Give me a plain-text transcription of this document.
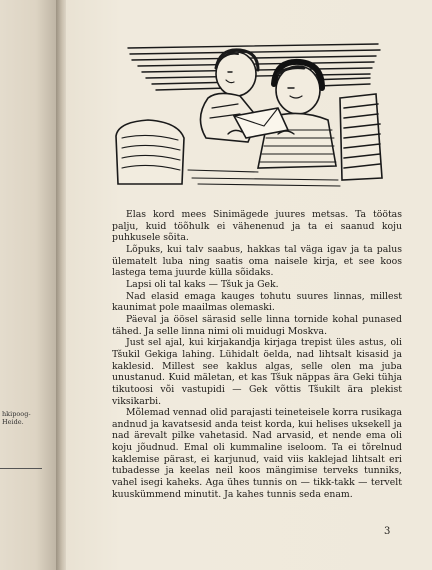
hkipoog-
Heide.

Elas kord mees Sinimägede juures metsas. Ta töötas palju, kuid töõhulk ei vähenenud ja ta ei saanud koju puhkusele sõita.

Lõpuks, kui talv saabus, hakkas tal väga igav ja ta palus ülematelt luba ning saatis oma naisele kirja, et see koos lastega tema juurde külla sõidaks.

Lapsi oli tal kaks — Tšuk ja Gek.

Nad elasid emaga kauges tohutu suures linnas, millest kaunimat pole maailmas olemaski.

Päeval ja öösel särasid selle linna tornide kohal punased tähed. Ja selle linna nimi oli muidugi Moskva.

Just sel ajal, kui kirjakandja kirjaga trepist üles astus, oli Tšukil Gekiga lahing. Lühidalt öelda, nad lihtsalt kisasid ja kaklesid. Millest see kaklus algas, selle olen ma juba unustanud. Kuid mäletan, et kas Tšuk näppas ära Geki tühja tikutoosi või vastupidi — Gek võttis Tšukilt ära plekist viksikarbi.

Mõlemad vennad olid parajasti teineteisele korra rusikaga andnud ja kavatsesid anda teist korda, kui helises uksekell ja nad ärevalt pilke vahetasid. Nad arvasid, et nende ema oli koju jõudnud. Emal oli kummaline iseloom. Ta ei tõrelnud kaklemise pärast, ei karjunud, vaid viis kaklejad lihtsalt eri tubadesse ja keelas neil koos mängimise terveks tunniks, vahel isegi kaheks. Aga ühes tunnis on — tikk-takk — tervelt kuuskümmend minutit. Ja kahes tunnis seda enam.

3
